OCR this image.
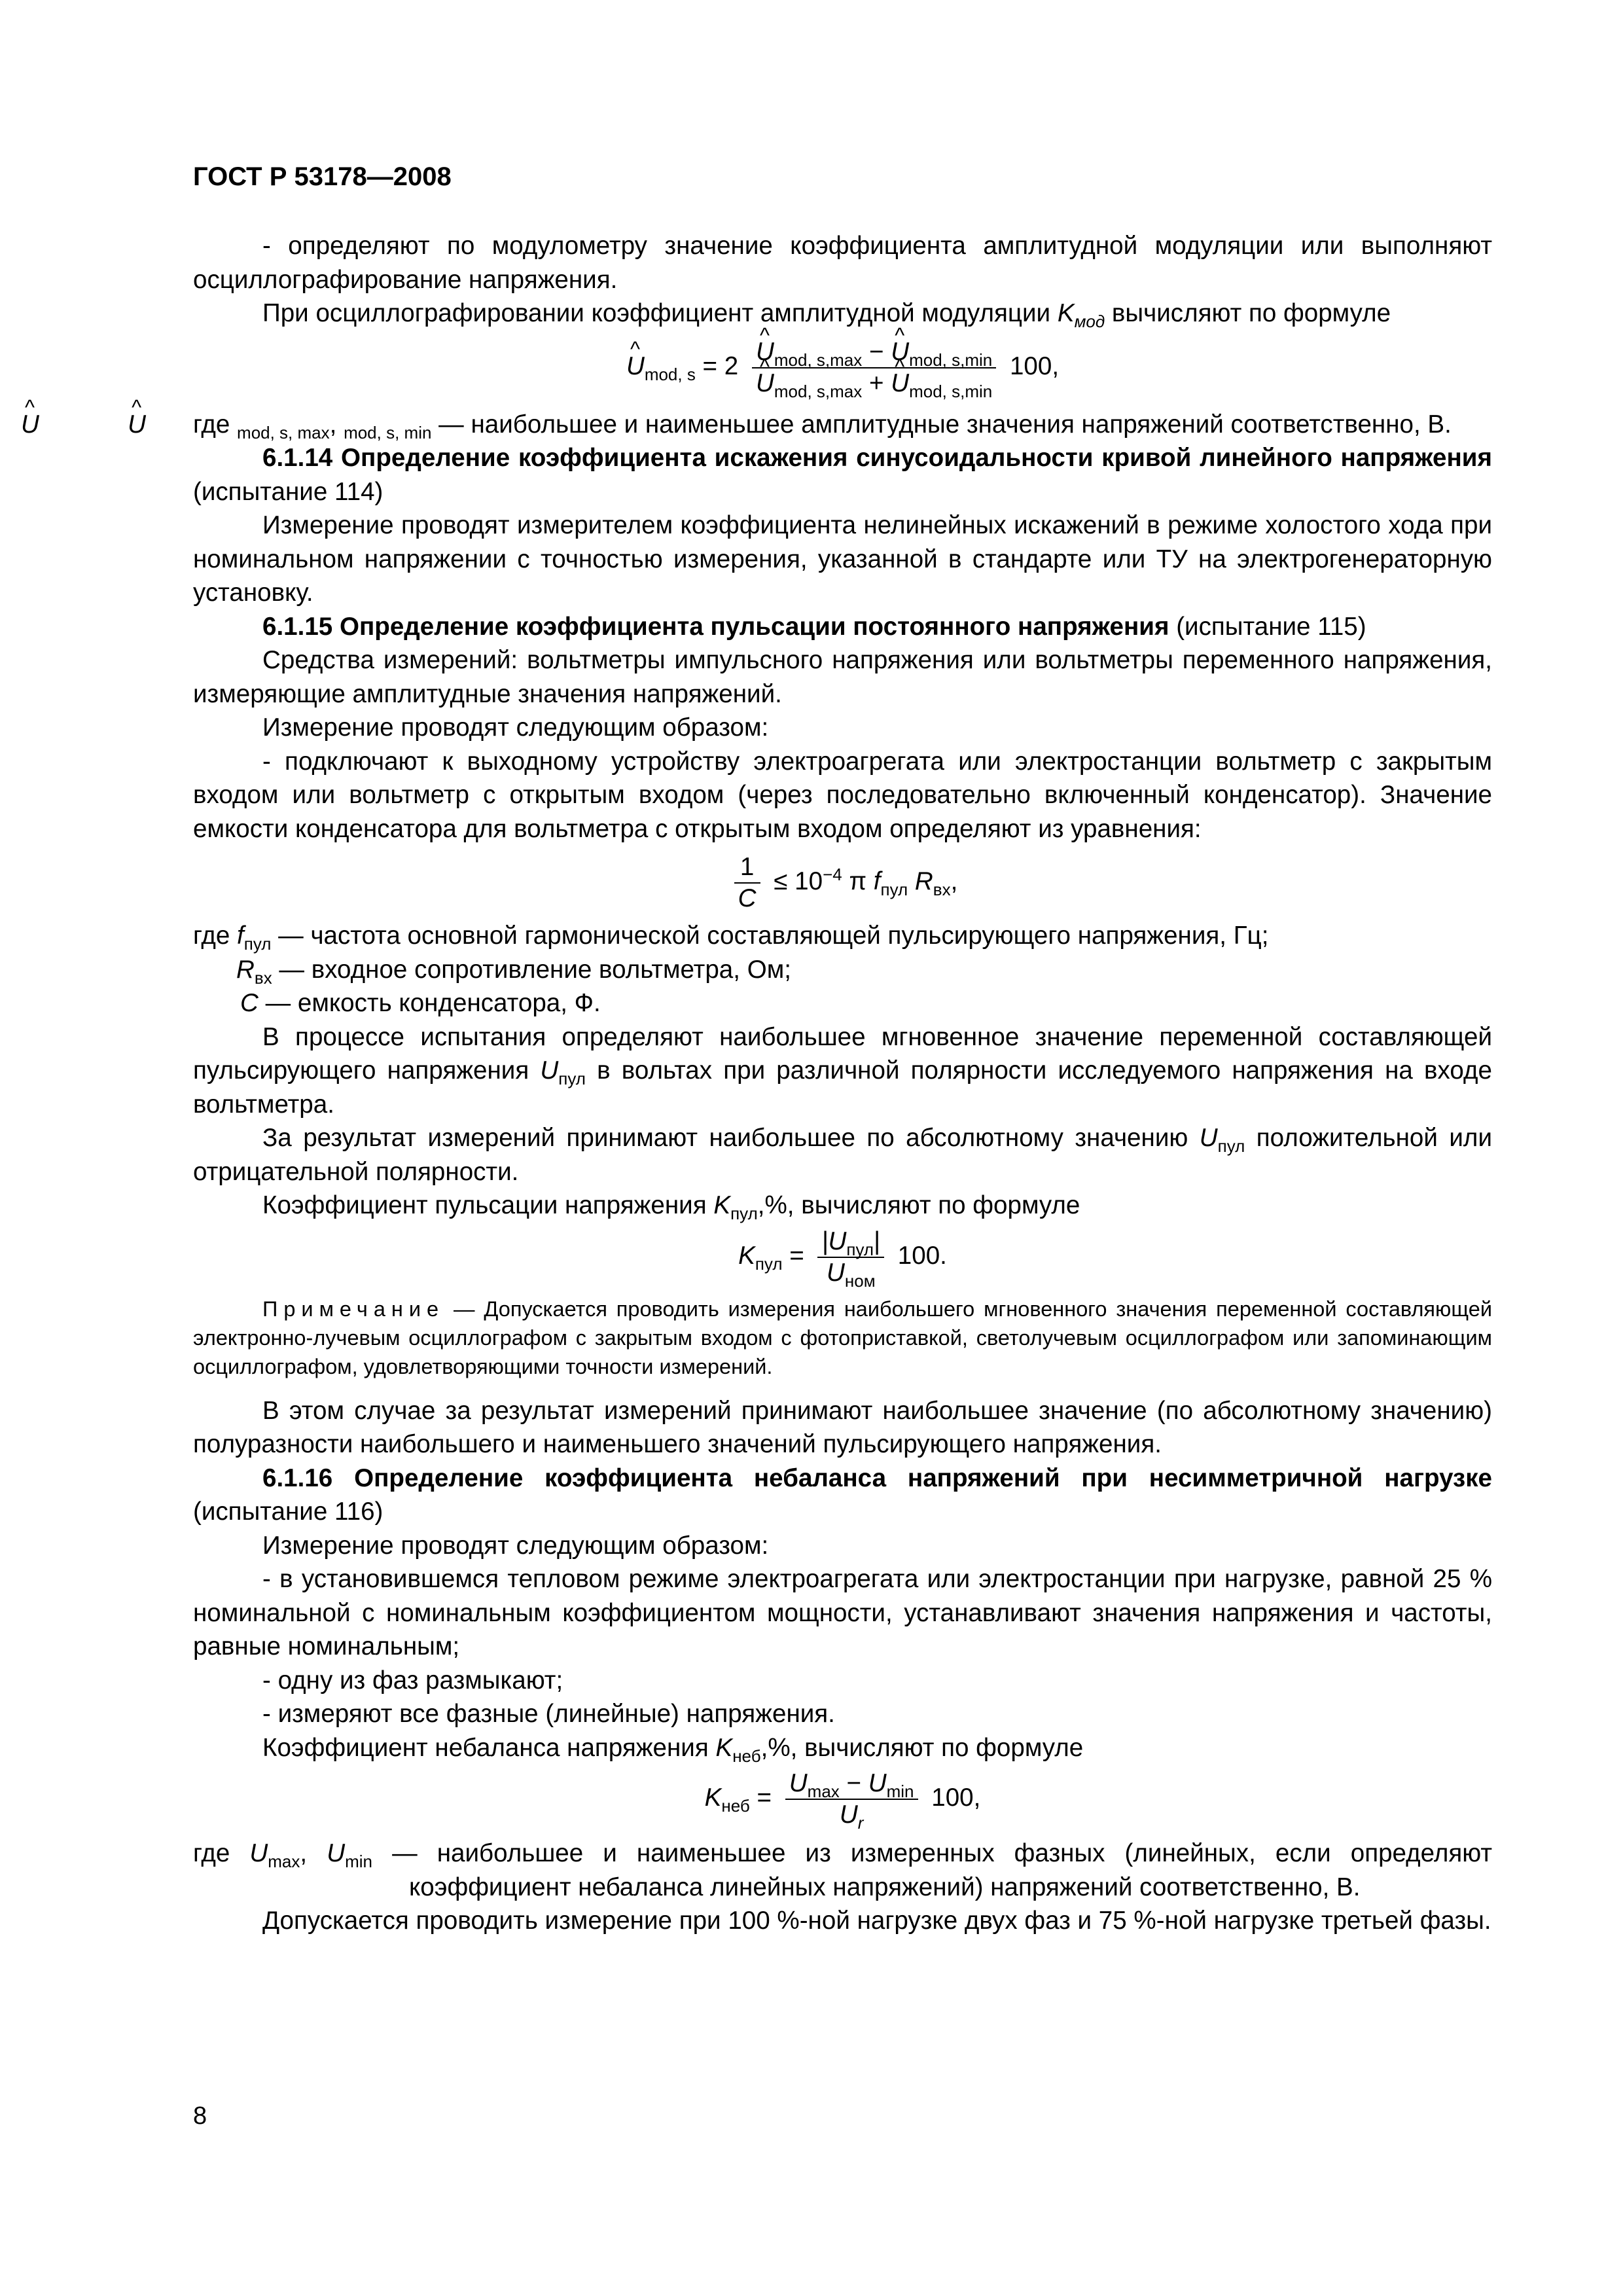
ГОСТ Р 53178—2008

- определяют по модулометру значение коэффициента амплитудной модуляции или выполняют осциллографирование напряжения.

При осциллографировании коэффициент амплитудной модуляции $K_{мод}$ вычисляют по формуле

^ $U_{mod, s} = 2$
^ $U_{mod, s,max}$ − ^ $U_{mod, s,min}$
^ $U_{mod, s,max}$ + ^ $U_{mod, s,min}$ 100,

где U	$_{mod, s, max}$, U	$_{mod, s, min}$ — наибольшее и наименьшее амплитудные значения напряжений соответственно, В.

6.1.14 Определение коэффициента искажения синусоидальности кривой линейного напряжения (испытание 114)

Измерение проводят измерителем коэффициента нелинейных искажений в режиме холостого хода при номинальном напряжении с точностью измерения, указанной в стандарте или ТУ на электрогенераторную установку.

6.1.15 Определение коэффициента пульсации постоянного напряжения (испытание 115)

Средства измерений: вольтметры импульсного напряжения или вольтметры переменного напряжения, измеряющие амплитудные значения напряжений.

Измерение проводят следующим образом:

- подключают к выходному устройству электроагрегата или электростанции вольтметр с закрытым входом или вольтметр с открытым входом (через последовательно включенный конденсатор). Значение емкости конденсатора для вольтметра с открытым входом определяют из уравнения:

$\frac{1}{C} \le 10^{-4}$ π $f_{пул}$ $R_{вх}$,

где $f_{пул}$ — частота основной гармонической составляющей пульсирующего напряжения, Гц;

$R_{вх}$ — входное сопротивление вольтметра, Ом;

C — емкость конденсатора, Ф.

В процессе испытания определяют наибольшее мгновенное значение переменной составляющей пульсирующего напряжения $U_{пул}$ в вольтах при различной полярности исследуемого напряжения на входе вольтметра.

За результат измерений принимают наибольшее по абсолютному значению $U_{пул}$ положительной или отрицательной полярности.

Коэффициент пульсации напряжения $K_{пул},\%$, вычисляют по формуле

$K_{пул} = \frac{|U_{пул}|}{U_{ном}} 100$.

Примечание — Допускается проводить измерения наибольшего мгновенного значения переменной составляющей электронно-лучевым осциллографом с закрытым входом с фотоприставкой, светолучевым осциллографом или запоминающим осциллографом, удовлетворяющими точности измерений.

В этом случае за результат измерений принимают наибольшее значение (по абсолютному значению) полуразности наибольшего и наименьшего значений пульсирующего напряжения.

6.1.16 Определение коэффициента небаланса напряжений при несимметричной нагрузке (испытание 116)

Измерение проводят следующим образом:

- в установившемся тепловом режиме электроагрегата или электростанции при нагрузке, равной 25 % номинальной с номинальным коэффициентом мощности, устанавливают значения напряжения и частоты, равные номинальным;

- одну из фаз размыкают;

- измеряют все фазные (линейные) напряжения.

Коэффициент небаланса напряжения $K_{неб},\%$, вычисляют по формуле

$K_{неб} = \frac{U_{max} - U_{min}}{U_r} 100$,

где $U_{max}$, $U_{min}$ — наибольшее и наименьшее из измеренных фазных (линейных, если определяют коэффициент небаланса линейных напряжений) напряжений соответственно, В.

Допускается проводить измерение при 100 %-ной нагрузке двух фаз и 75 %-ной нагрузке третьей фазы.

8
